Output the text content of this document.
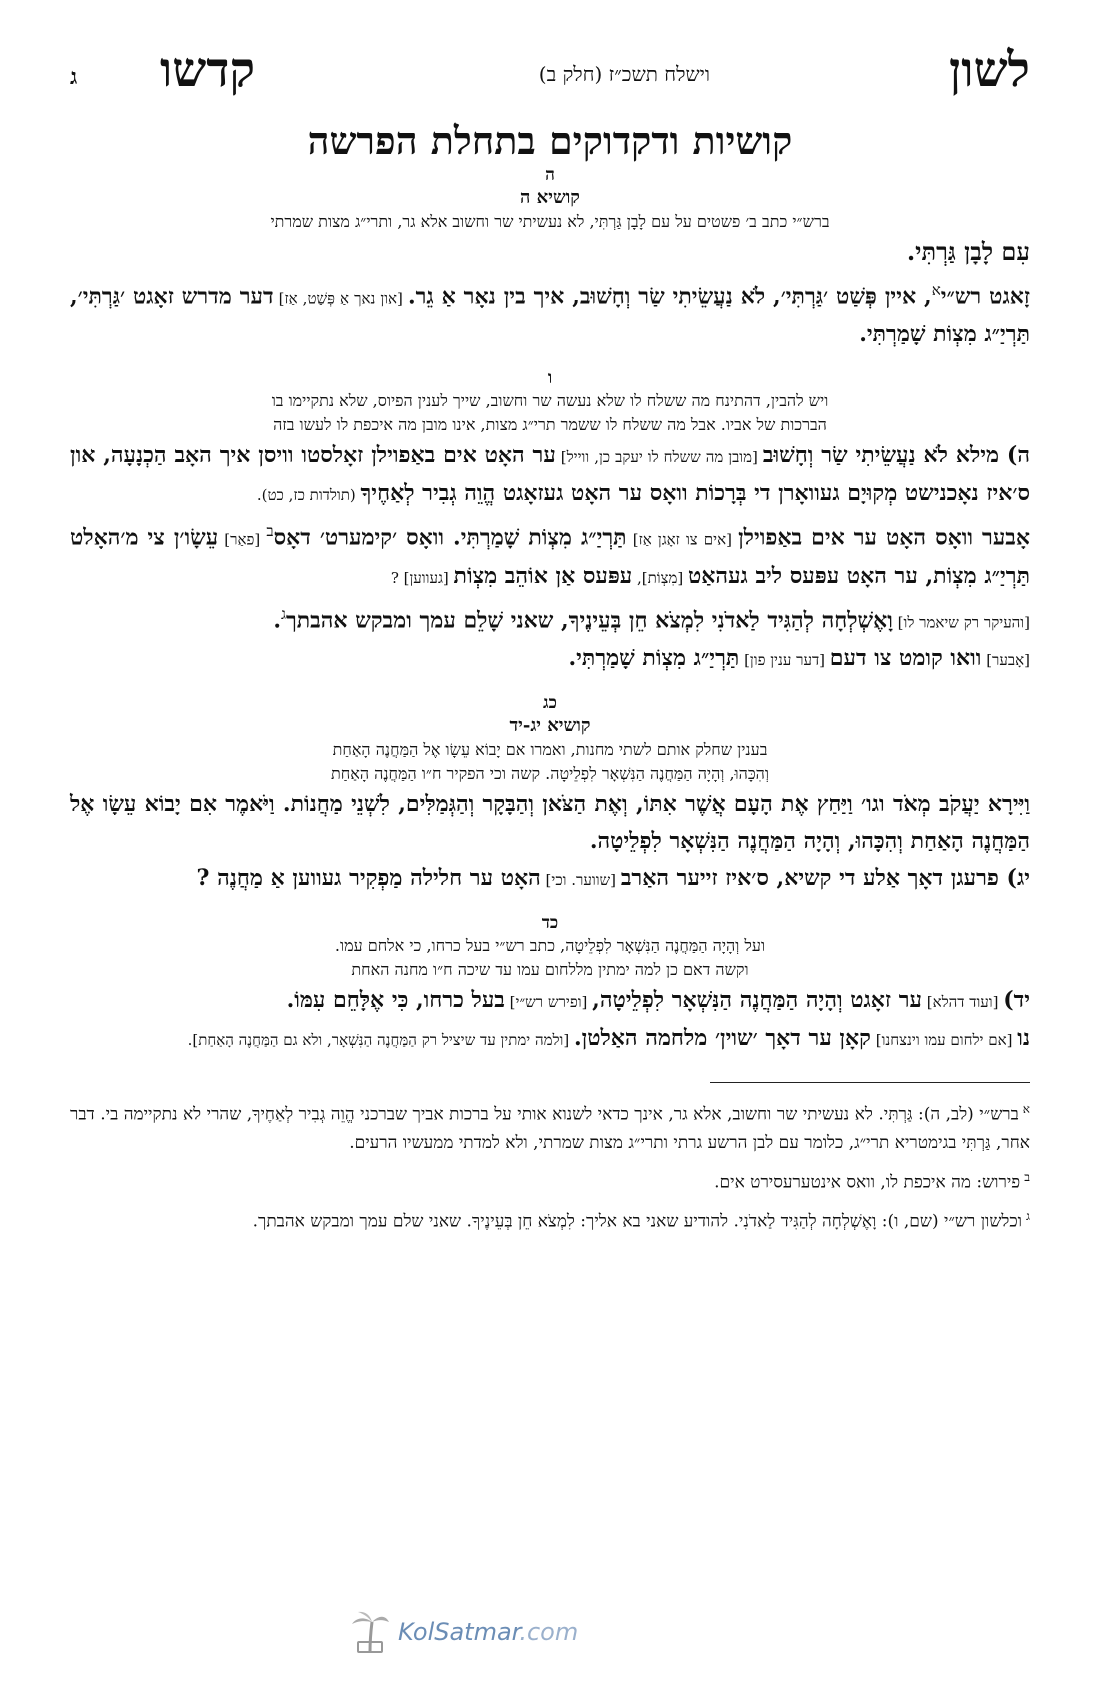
לשון
וישלח תשכ״ז (חלק ב)
קדשו
ג
קושיות ודקדוקים בתחלת הפרשה
ה
קושיא ה
ברש״י כתב ב׳ פשטים על עם לָבָן גַּרְתִּי, לא נעשיתי שר וחשוב אלא גר, ותרי״ג מצות שמרתי

עִם לָבָן גַּרְתִּי.

זָאגט רש״י$^א$, איין פְּשַׁט ׳גַּרְתִּי׳, לֹא נַעֲשֵׂיתִי שַׂר וְחָשׁוּב, איך בין נאָר אַ גֵר. [און נאך אַ פְּשַׁט, אַז] דער מדרש זאָגט ׳גַּרְתִּי׳, תַּרְיַ״ג מִצְוֹת שָׁמַרְתִּי.

ו
ויש להבין, דהתינח מה ששלח לו שלא נעשה שר וחשוב, שייך לענין הפיוס, שלא נתקיימו בו
הברכות של אביו. אבל מה ששלח לו ששמר תרי״ג מצות, אינו מובן מה איכפת לו לעשו בזה

ה) מילא לֹא נַעֲשֵׂיתִי שַׂר וְחָשׁוּב [מובן מה ששלח לו יעקב כן, ווייל] ער האָט אים באַפוילן זאָלסטו וויסן איך האָב הַכְנָעָה, און ס׳איז נאָכנישט מְקוּיָם געוואָרן די בְּרָכוֹת וואָס ער האָט געזאָגט הֱוֵה גְבִיר לְאַחֶיךָ (תולדות כז, כט).

אָבער וואָס האָט ער אים באַפוילן [אים צו זאָגן אַז] תַּרְיַ״ג מִצְוֹת שָׁמַרְתִּי. וואָס ׳קימערט׳ דאָס$^ב$ [פאַר] עֵשָׂו׳ן צי מ׳האָלט תַּרְיַ״ג מִצְוֹת, ער האָט עפּעס ליב געהאַט [מִצְוֹת], עפּעס אַן אוֹהֵב מִצְוֹת [געווען] ?

[והעיקר רק שיאמר לו] וָאֶשְׁלְחָה לְהַגִּיד לַאדֹנִי לִמְצֹא חֵן בְּעֵינֶיךָ, שאני שָׁלֵם עמך ומבקש אהבתך$^ג$.

[אָבער] וואו קומט צו דעם [דער ענין פון] תַּרְיַ״ג מִצְוֹת שָׁמַרְתִּי.

כג
קושיא יג-יד
בענין שחלק אותם לשתי מחנות, ואמרו אם יָבוֹא עֵשָׂו אֶל הַמַּחֲנֶה הָאַחַת
וְהִכָּהוּ, וְהָיָה הַמַּחֲנֶה הַנִּשְׁאָר לִפְלֵיטָה. קשה וכי הפקיר ח״ו הַמַּחֲנֶה הָאַחַת

וַיִּירָא יַעֲקֹב מְאֹד וגו׳ וַיַּחַץ אֶת הָעָם אֲשֶׁר אִתּוֹ, וְאֶת הַצֹּאן וְהַבָּקָר וְהַגְּמַלִּים, לִשְׁנֵי מַחֲנוֹת. וַיֹּאמֶר אִם יָבוֹא עֵשָׂו אֶל הַמַּחֲנֶה הָאַחַת וְהִכָּהוּ, וְהָיָה הַמַּחֲנֶה הַנִּשְׁאָר לִפְלֵיטָה.

יג) פרעגן דאָך אַלע די קשיא, ס׳איז זייער האַרב [שווער. וכי] האָט ער חלילה מַפְקִיר געווען אַ מַחֲנֶה ?

כד
ועל וְהָיָה הַמַּחֲנֶה הַנִּשְׁאָר לִפְלֵיטָה, כתב רש״י בעל כרחו, כי אלחם עמו.
וקשה דאם כן למה ימתין מללחום עמו עד שיכה ח״ו מחנה האחת

יד) [ועוד דהלא] ער זאָגט וְהָיָה הַמַּחֲנֶה הַנִּשְׁאָר לִפְלֵיטָה, [ופירש רש״י] בעל כרחו, כִּי אֶלָּחֵם עִמּוֹ.

נו [אם ילחום עמו וינצחנו] קאָן ער דאָך ׳שוין׳ מלחמה האַלטן. [ולמה ימתין עד שיציל רק הַמַּחֲנֶה הַנִּשְׁאָר, ולא גם הַמַּחֲנֶה הָאַחַת].

$^א$ברש״י (לב, ה): גַּרְתִּי. לא נעשיתי שר וחשוב, אלא גר, אינך כדאי לשנוא אותי על ברכות אביך שברכני הֱוֵה גְבִיר לְאַחֶיךָ, שהרי לא נתקיימה בי. דבר אחר, גַּרְתִּי בגימטריא תרי״ג, כלומר עם לבן הרשע גרתי ותרי״ג מצות שמרתי, ולא למדתי ממעשיו הרעים.

$^ב$פירוש: מה איכפת לו, וואס אינטערעסירט אים.

$^ג$וכלשון רש״י (שם, ו): וָאֶשְׁלְחָה לְהַגִּיד לַאדֹנִי. להודיע שאני בא אליך: לִמְצֹא חֵן בְּעֵינֶיךָ. שאני שלם עמך ומבקש אהבתך.

KolSatmar.com
